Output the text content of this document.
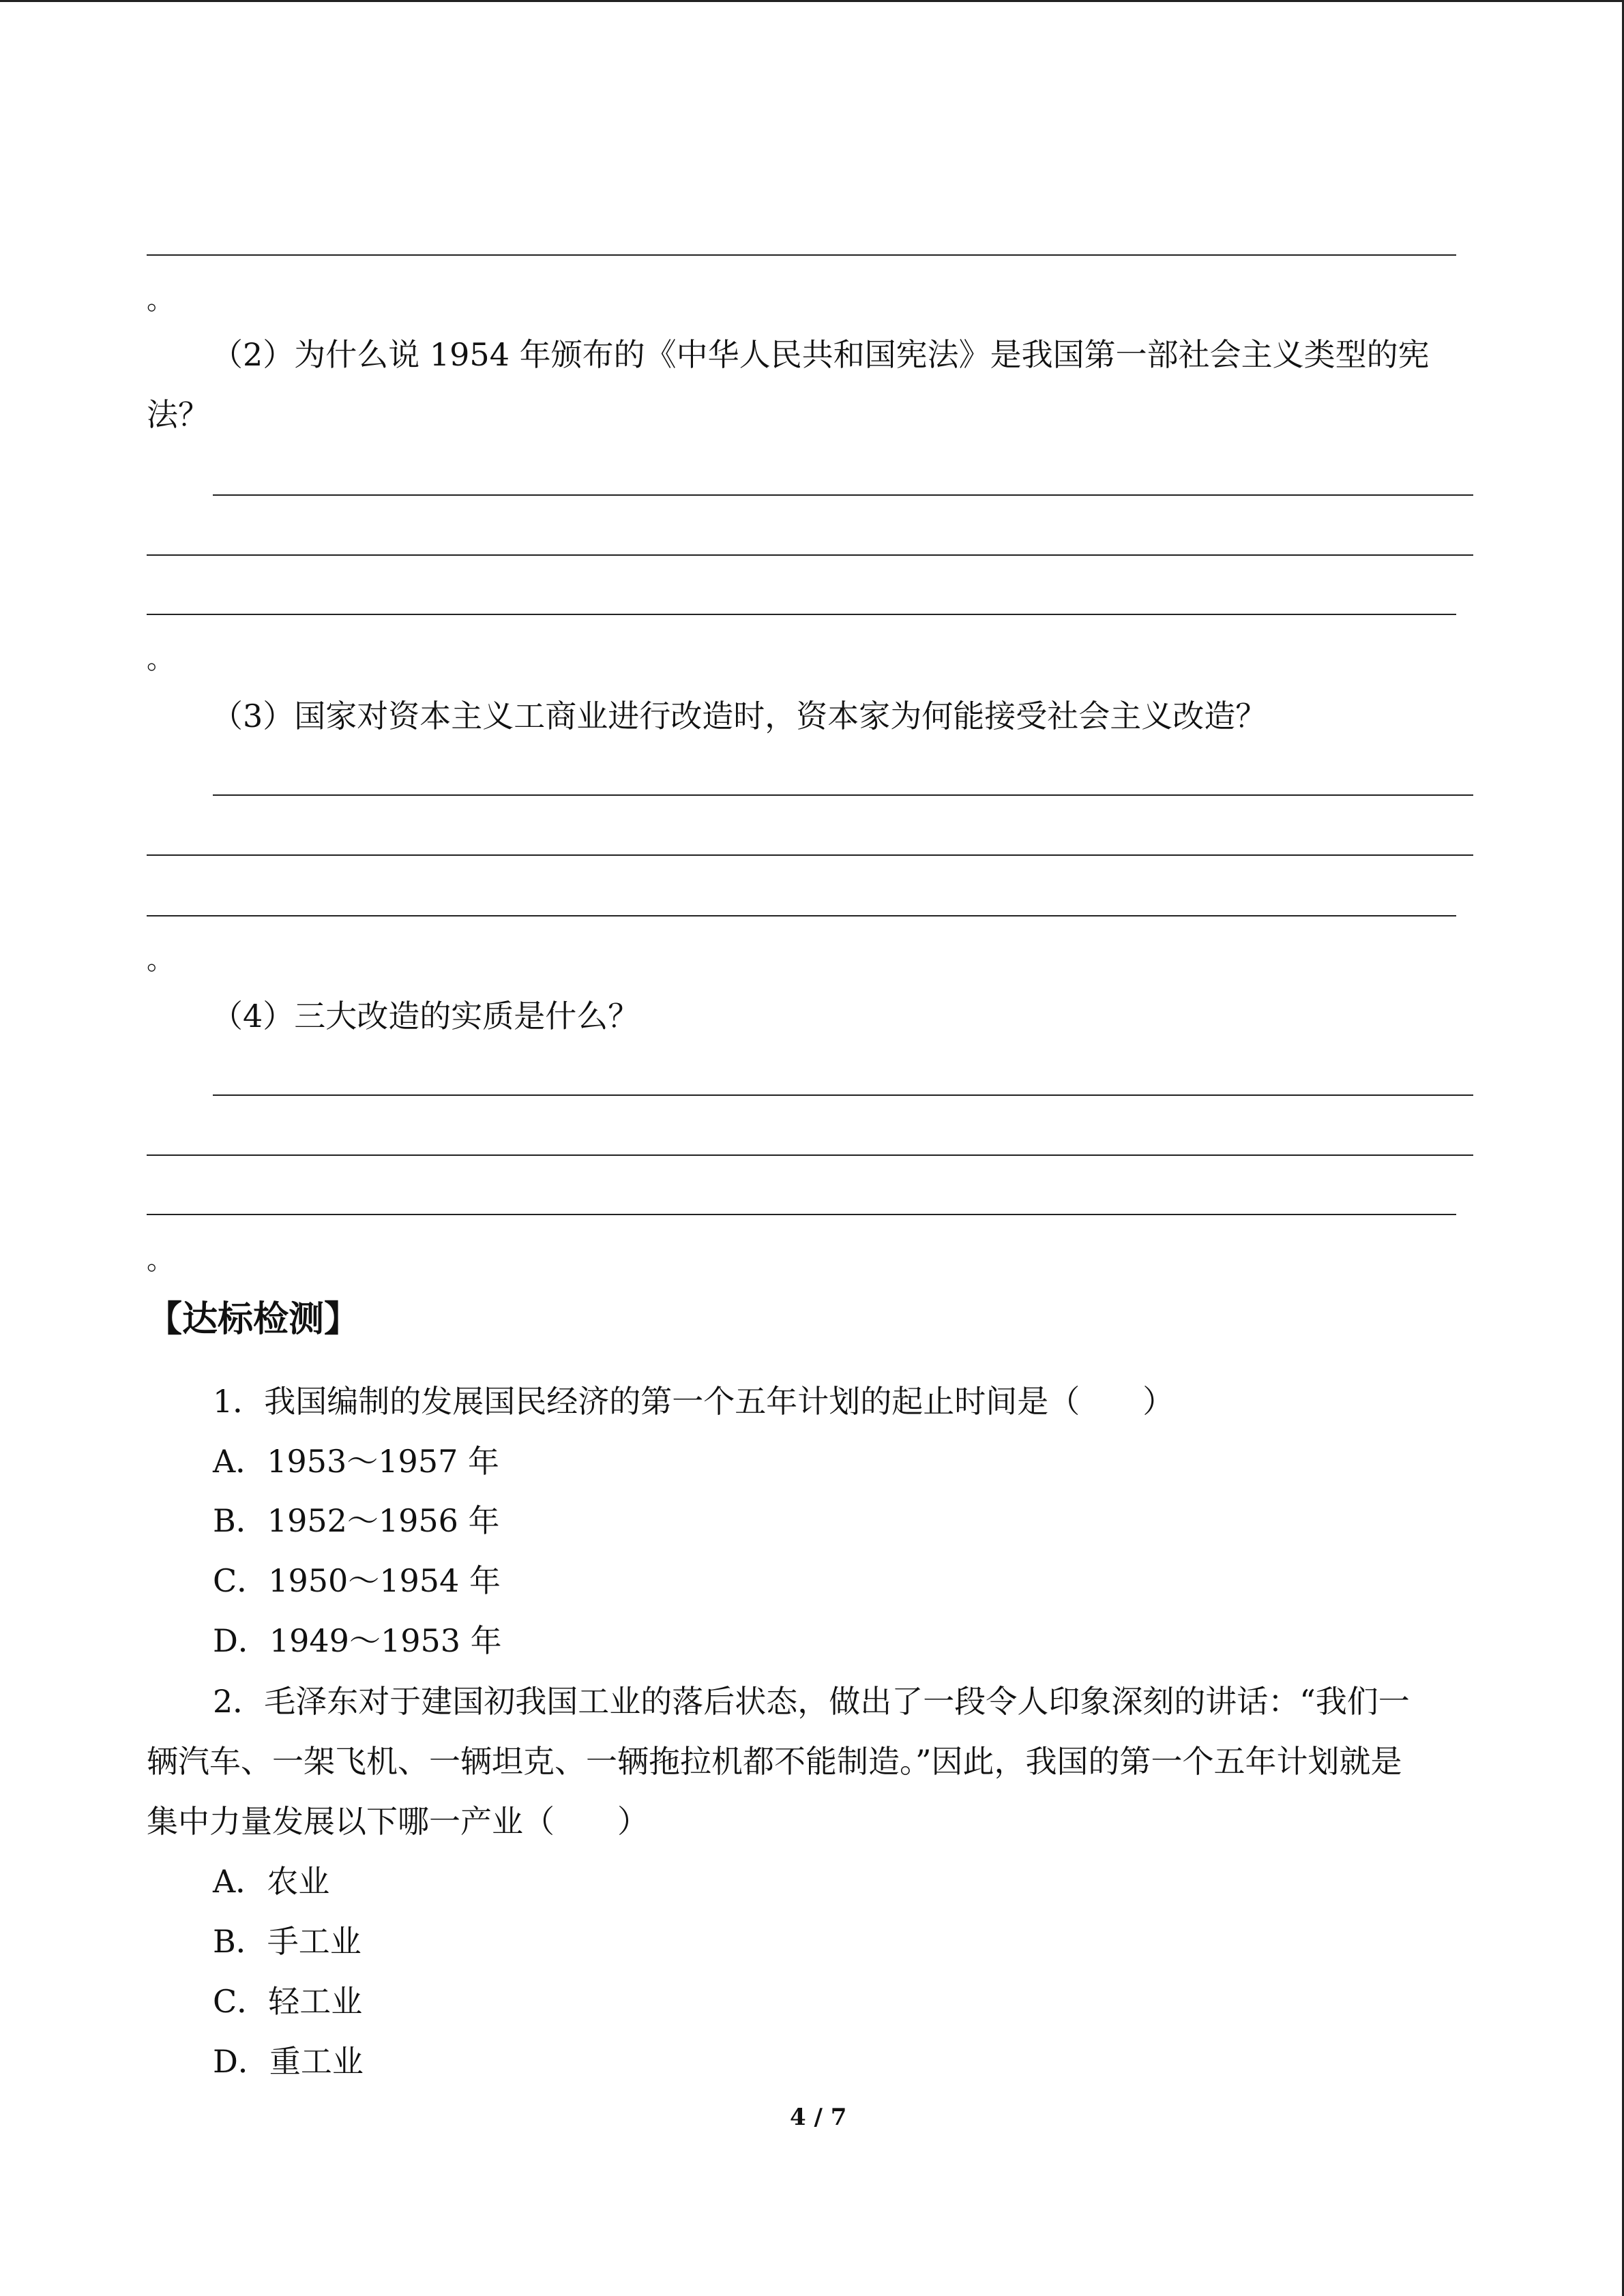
。
（2）为什么说 1954 年颁布的《中华人民共和国宪法》是我国第一部社会主义类型的宪
法？
。
（3）国家对资本主义工商业进行改造时，资本家为何能接受社会主义改造？
。
（4）三大改造的实质是什么？
。
【达标检测】
1．我国编制的发展国民经济的第一个五年计划的起止时间是（　　）
A．1953～1957 年
B．1952～1956 年
C．1950～1954 年
D．1949～1953 年
2．毛泽东对于建国初我国工业的落后状态，做出了一段令人印象深刻的讲话：“我们一
辆汽车、一架飞机、一辆坦克、一辆拖拉机都不能制造。”因此，我国的第一个五年计划就是
集中力量发展以下哪一产业（　　）
A．农业
B．手工业
C．轻工业
D．重工业
4 / 7
